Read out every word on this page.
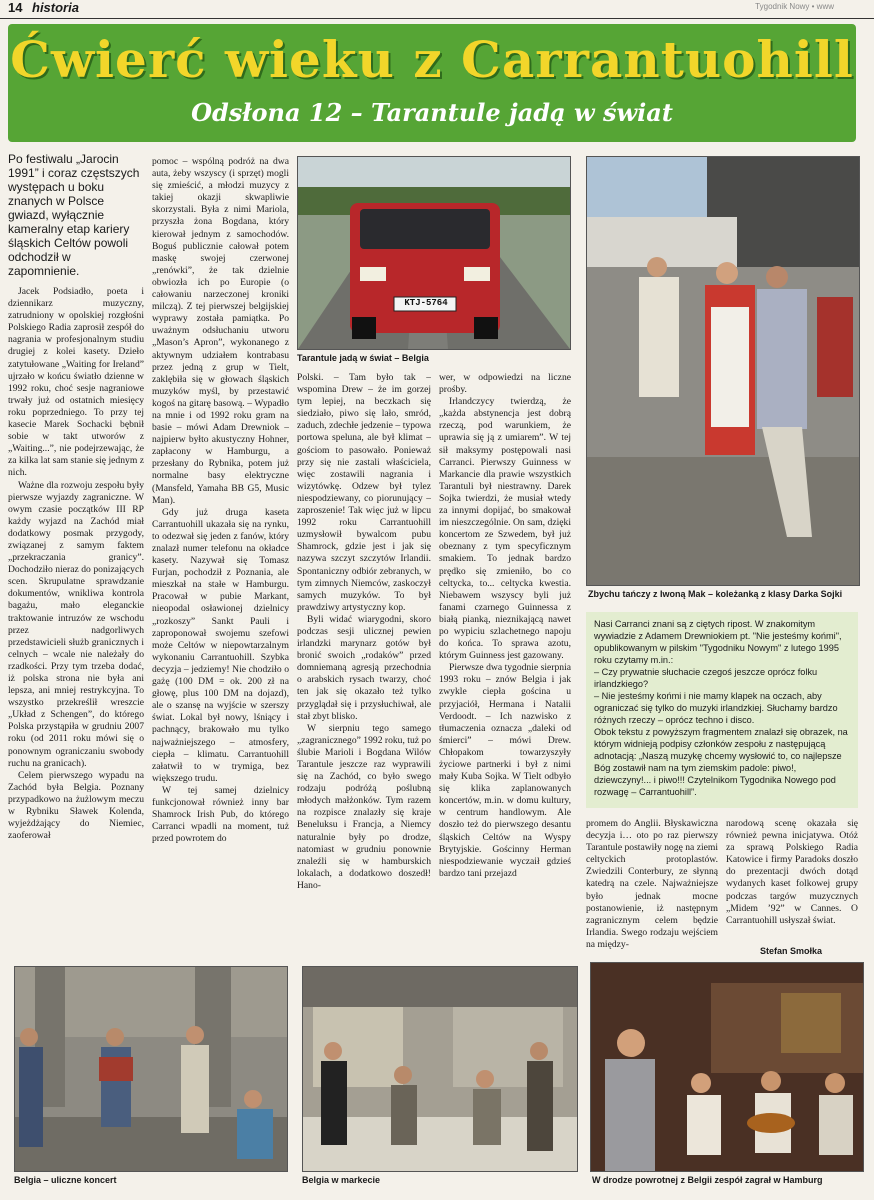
14 historia	Tygodnik Nowy • www
Ćwierć wieku z Carrantuohill
Odsłona 12 – Tarantule jadą w świat

Po festiwalu „Jarocin 1991” i coraz częstszych występach u boku znanych w Polsce gwiazd, wyłącznie kameralny etap kariery śląskich Celtów powoli odchodził w zapomnienie.

Jacek Podsiadło, poeta i dziennikarz muzyczny, zatrudniony w opolskiej rozgłośni Polskiego Radia zaprosił zespół do nagrania w profesjonalnym studiu drugiej z kolei kasety. Dzieło zatytułowane „Waiting for Ireland” ujrzało w końcu światło dzienne w 1992 roku, choć sesje nagraniowe trwały już od ostatnich miesięcy roku poprzedniego. To przy tej kasecie Marek Sochacki bębnił sobie w takt utworów z „Waiting...”, nie podejrzewając, że za kilka lat sam stanie się jednym z nich.

Ważne dla rozwoju zespołu były pierwsze wyjazdy zagraniczne. W owym czasie początków III RP każdy wyjazd na Zachód miał dodatkowy posmak przygody, związanej z samym faktem „przekraczania granicy”. Dochodziło nieraz do ponizających scen. Skrupulatne sprawdzanie dokumentów, wnikliwa kontrola bagażu, mało eleganckie traktowanie intruzów ze wschodu przez nadgorliwych przedstawicieli służb granicznych i celnych – wcale nie należały do rzadkości. Przy tym trzeba dodać, iż polska strona nie była ani lepsza, ani mniej restrykcyjna. To wszystko przekreślił wreszcie „Układ z Schengen”, do którego Polska przystąpiła w grudniu 2007 roku (od 2011 roku mówi się o ponownym ograniczaniu swobody ruchu na granicach).

Celem pierwszego wypadu na Zachód była Belgia. Poznany przypadkowo na żużlowym meczu w Rybniku Sławek Kolenda, wyjeżdżający do Niemiec, zaoferował

pomoc – wspólną podróż na dwa auta, żeby wszyscy (i sprzęt) mogli się zmieścić, a młodzi muzycy z takiej okazji skwapliwie skorzystali. Była z nimi Mariola, przyszła żona Bogdana, który kierował jednym z samochodów. Boguś publicznie całował potem maskę swojej czerwonej „renówki”, że tak dzielnie obwiozła ich po Europie (o całowaniu narzeczonej kroniki milczą). Z tej pierwszej belgijskiej wyprawy została pamiątka. Po uważnym odsłuchaniu utworu „Mason’s Apron”, wykonanego z aktywnym udziałem kontrabasu przez jedną z grup w Tielt, zaklębiła się w głowach śląskich muzyków myśl, by przestawić kogoś na gitarę basową. – Wypadło na mnie i od 1992 roku gram na basie – mówi Adam Drewniok – najpierw byłto akustyczny Hohner, zapłacony w Hamburgu, a przesłany do Rybnika, potem już normalne basy elektryczne (Mansfeld, Yamaha BB G5, Music Man).

Gdy już druga kaseta Carrantuohill ukazała się na rynku, to odezwał się jeden z fanów, który znalazł numer telefonu na okładce kasety. Nazywał się Tomasz Furjan, pochodził z Poznania, ale mieszkał na stałe w Hamburgu. Pracował w pubie Markant, nieopodal osławionej dzielnicy „rozkoszy” Sankt Pauli i zaproponował swojemu szefowi może Celtów w niepowtarzalnym wykonaniu Carrantuohill. Szybka decyzja – jedziemy! Nie chodziło o gażę (100 DM = ok. 200 zł na głowę, plus 100 DM na dojazd), ale o szansę na wyjście w szerszy świat. Lokal był nowy, lśniący i pachnący, brakowało mu tylko najważniejszego – atmosfery, ciepła – klimatu. Carrantuohill załatwił to w trymiga, bez większego trudu.

W tej samej dzielnicy funkcjonował również inny bar Shamrock Irish Pub, do którego Carranci wpadli na moment, tuż przed powrotem do

KTJ-5764
Tarantule jadą w świat – Belgia

Polski. – Tam było tak – wspomina Drew – że im gorzej tym lepiej, na beczkach się siedziało, piwo się lało, smród, zaduch, zdechłe jedzenie – typowa portowa speluna, ale był klimat – gościom to pasowało. Ponieważ przy się nie zastali właściciela, więc zostawili nagrania i wizytówkę. Odzew był tylez niespodziewany, co piorunujący – zaproszenie! Tak więc już w lipcu 1992 roku Carrantuohill uzmysłowił bywalcom pubu Shamrock, gdzie jest i jak się nazywa szczyt szczytów Irlandii. Spontaniczny odbiór zebranych, w tym zimnych Niemców, zaskoczył samych muzyków. To był prawdziwy artystyczny kop.

Byli widać wiarygodni, skoro podczas sesji ulicznej pewien irlandzki marynarz gotów był bronić swoich „rodaków” przed domniemaną agresją przechodnia o arabskich rysach twarzy, choć ten jak się okazało też tylko przyglądał się i przysłuchiwał, ale stał zbyt blisko.

W sierpniu tego samego „zagranicznego” 1992 roku, tuż po ślubie Marioli i Bogdana Wilów Tarantule jeszcze raz wyprawili się na Zachód, co było swego rodzaju podróżą poślubną młodych małżonków. Tym razem na rozpisce znalazły się kraje Beneluksu i Francja, a Niemcy naturalnie były po drodze, natomiast w grudniu ponownie znaleźli się w hamburskich lokalach, a dodatkowo doszedł! Hano-

wer, w odpowiedzi na liczne prośby.

Irlandczycy twierdzą, że „każda abstynencja jest dobrą rzeczą, pod warunkiem, że uprawia się ją z umiarem”. W tej sił maksymy postępowali nasi Carranci. Pierwszy Guinness w Markancie dla prawie wszystkich Tarantuli był niestrawny. Darek Sojka twierdzi, że musiał wtedy za innymi dopijać, bo smakował im nieszczególnie. On sam, dzięki koncertom ze Szwedem, był już obeznany z tym specyficznym smakiem. To jednak bardzo prędko się zmieniło, bo co celtycka, to... celtycka kwestia. Niebawem wszyscy byli już fanami czarnego Guinnessa z białą pianką, nieznikającą nawet po wypiciu szlachetnego napoju do końca. To sprawa azotu, którym Guinness jest gazowany.

Pierwsze dwa tygodnie sierpnia 1993 roku – znów Belgia i jak zwykle ciepła gościna u przyjaciół, Hermana i Natalii Verdoodt. – Ich nazwisko z tłumaczenia oznacza „daleki od śmierci” – mówi Drew. Chłopakom towarzyszyły życiowe partnerki i był z nimi mały Kuba Sojka. W Tielt odbyło się klika zaplanowanych koncertów, m.in. w domu kultury, w centrum handlowym. Ale doszło też do pierwszego desantu śląskich Celtów na Wyspy Brytyjskie. Gościnny Herman niespodziewanie wyczaił gdzieś bardzo tani przejazd

Zbychu tańczy z Iwoną Mak – koleżanką z klasy Darka Sojki

Nasi Carranci znani są z ciętych ripost. W znakomitym wywiadzie z Adamem Drewniokiem pt. "Nie jesteśmy końmi", opublikowanym w pilskim "Tygodniku Nowym" z lutego 1995 roku czytamy m.in.:

– Czy prywatnie słuchacie czegoś jeszcze oprócz folku irlandzkiego?

– Nie jesteśmy końmi i nie mamy klapek na oczach, aby ograniczać się tylko do muzyki irlandzkiej. Słuchamy bardzo różnych rzeczy – oprócz techno i disco.

Obok tekstu z powyższym fragmentem znalazł się obrazek, na którym widnieją podpisy członków zespołu z następującą adnotacją: „Naszą muzykę chcemy wysłowić to, co najlepsze Bóg zostawił nam na tym ziemskim padole: piwo!, dziewczyny!... i piwo!!! Czytelnikom Tygodnika Nowego pod rozwagę – Carrantuohill”.

promem do Anglii. Błyskawiczna decyzja i… oto po raz pierwszy Tarantule postawiły nogę na ziemi celtyckich protoplastów. Zwiedzili Conterbury, ze słynną katedrą na czele. Najważniejsze było jednak mocne postanowienie, iż następnym zagranicznym celem będzie Irlandia. Swego rodzaju wejściem na między-

narodową scenę okazała się również pewna inicjatywa. Otóż za sprawą Polskiego Radia Katowice i firmy Paradoks doszło do prezentacji dwóch dotąd wydanych kaset folkowej grupy podczas targów muzycznych „Midem ’92” w Cannes. O Carrantuohill usłyszał świat.

Stefan Smołka
Belgia – uliczne koncert	Belgia w markecie	W drodze powrotnej z Belgii zespół zagrał w Hamburg
